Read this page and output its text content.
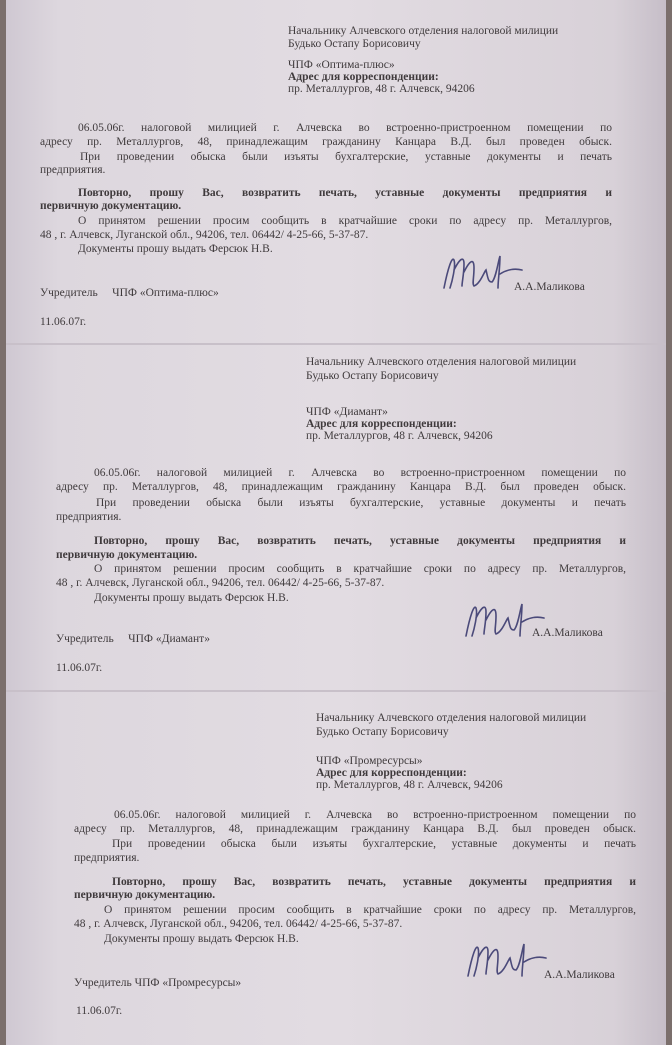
Начальнику Алчевского отделения налоговой милиции
Будько Остапу Борисовичу
ЧПФ «Оптима-плюс»
Адрес для корреспонденции:
пр. Металлургов, 48 г. Алчевск, 94206
06.05.06г. налоговой милицией г. Алчевска во встроенно-пристроенном помещении по
адресу пр. Металлургов, 48, принадлежащим гражданину Канцара В.Д. был проведен обыск.
При проведении обыска были изъяты бухгалтерские, уставные документы и печать
предприятия.
Повторно, прошу Вас, возвратить печать, уставные документы предприятия и
первичную документацию.
О принятом решении просим сообщить в кратчайшие сроки по адресу пр. Металлургов,
48 , г. Алчевск, Луганской обл., 94206, тел. 06442/ 4-25-66, 5-37-87.
Документы прошу выдать Ферсюк Н.В.
Учредитель     ЧПФ «Оптима-плюс»	А.А.Маликова
11.06.07г.
Начальнику Алчевского отделения налоговой милиции
Будько Остапу Борисовичу
ЧПФ «Диамант»
Адрес для корреспонденции:
пр. Металлургов, 48 г. Алчевск, 94206
06.05.06г. налоговой милицией г. Алчевска во встроенно-пристроенном помещении по
адресу пр. Металлургов, 48, принадлежащим гражданину Канцара В.Д. был проведен обыск.
При проведении обыска были изъяты бухгалтерские, уставные документы и печать
предприятия.
Повторно, прошу Вас, возвратить печать, уставные документы предприятия и
первичную документацию.
О принятом решении просим сообщить в кратчайшие сроки по адресу пр. Металлургов,
48 , г. Алчевск, Луганской обл., 94206, тел. 06442/ 4-25-66, 5-37-87.
Документы прошу выдать Ферсюк Н.В.
Учредитель     ЧПФ «Диамант»	А.А.Маликова
11.06.07г.
Начальнику Алчевского отделения налоговой милиции
Будько Остапу Борисовичу
ЧПФ «Промресурсы»
Адрес для корреспонденции:
пр. Металлургов, 48 г. Алчевск, 94206
06.05.06г. налоговой милицией г. Алчевска во встроенно-пристроенном помещении по
адресу пр. Металлургов, 48, принадлежащим гражданину Канцара В.Д. был проведен обыск.
При проведении обыска были изъяты бухгалтерские, уставные документы и печать
предприятия.
Повторно, прошу Вас, возвратить печать, уставные документы предприятия и
первичную документацию.
О принятом решении просим сообщить в кратчайшие сроки по адресу пр. Металлургов,
48 , г. Алчевск, Луганской обл., 94206, тел. 06442/ 4-25-66, 5-37-87.
Документы прошу выдать Ферсюк Н.В.
Учредитель ЧПФ «Промресурсы»
А.А.Маликова
11.06.07г.
